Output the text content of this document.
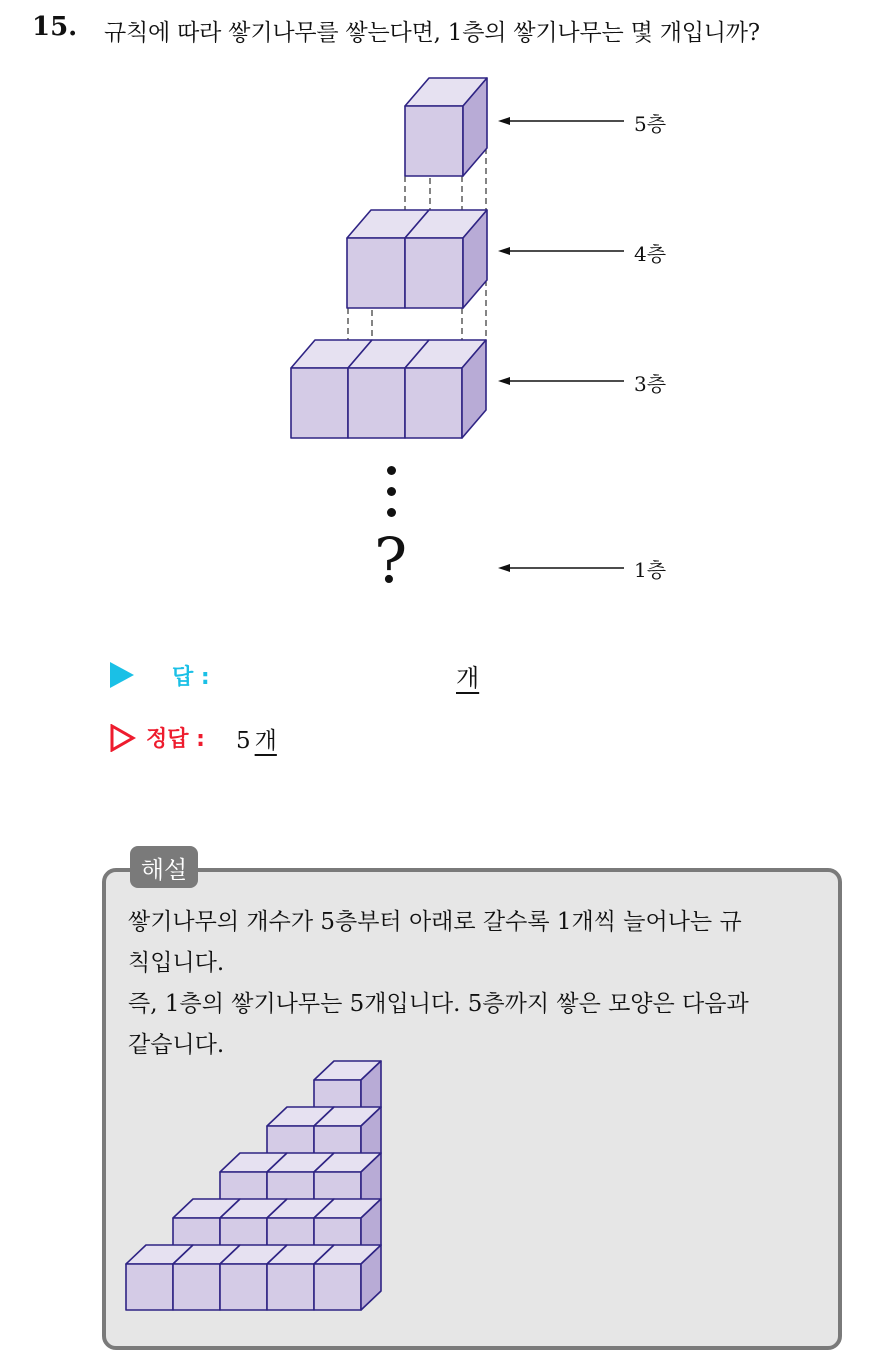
15. 규칙에 따라 쌓기나무를 쌓는다면, 1층의 쌓기나무는 몇 개입니까?
5층
4층
3층
1층
?
답 :	개
정답 : 5 개
해설

쌓기나무의 개수가 5층부터 아래로 갈수록 1개씩 늘어나는 규

칙입니다.

즉, 1층의 쌓기나무는 5개입니다. 5층까지 쌓은 모양은 다음과

같습니다.
